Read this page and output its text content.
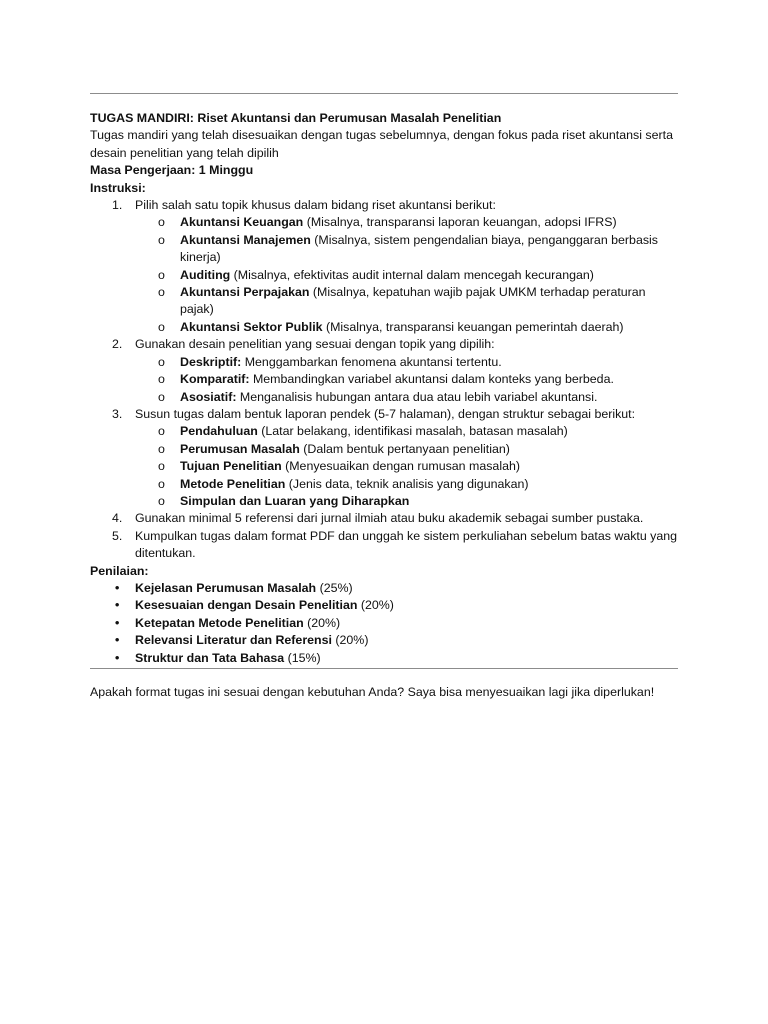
TUGAS MANDIRI: Riset Akuntansi dan Perumusan Masalah Penelitian

Tugas mandiri yang telah disesuaikan dengan tugas sebelumnya, dengan fokus pada riset akuntansi serta desain penelitian yang telah dipilih

Masa Pengerjaan: 1 Minggu

Instruksi:

1. Pilih salah satu topik khusus dalam bidang riset akuntansi berikut:
o Akuntansi Keuangan (Misalnya, transparansi laporan keuangan, adopsi IFRS)
o Akuntansi Manajemen (Misalnya, sistem pengendalian biaya, penganggaran berbasis kinerja)
o Auditing (Misalnya, efektivitas audit internal dalam mencegah kecurangan)
o Akuntansi Perpajakan (Misalnya, kepatuhan wajib pajak UMKM terhadap peraturan pajak)
o Akuntansi Sektor Publik (Misalnya, transparansi keuangan pemerintah daerah)
2. Gunakan desain penelitian yang sesuai dengan topik yang dipilih:
o Deskriptif: Menggambarkan fenomena akuntansi tertentu.
o Komparatif: Membandingkan variabel akuntansi dalam konteks yang berbeda.
o Asosiatif: Menganalisis hubungan antara dua atau lebih variabel akuntansi.
3. Susun tugas dalam bentuk laporan pendek (5-7 halaman), dengan struktur sebagai berikut:
o Pendahuluan (Latar belakang, identifikasi masalah, batasan masalah)
o Perumusan Masalah (Dalam bentuk pertanyaan penelitian)
o Tujuan Penelitian (Menyesuaikan dengan rumusan masalah)
o Metode Penelitian (Jenis data, teknik analisis yang digunakan)
o Simpulan dan Luaran yang Diharapkan
4. Gunakan minimal 5 referensi dari jurnal ilmiah atau buku akademik sebagai sumber pustaka.
5. Kumpulkan tugas dalam format PDF dan unggah ke sistem perkuliahan sebelum batas waktu yang ditentukan.

Penilaian:

• Kejelasan Perumusan Masalah (25%)
• Kesesuaian dengan Desain Penelitian (20%)
• Ketepatan Metode Penelitian (20%)
• Relevansi Literatur dan Referensi (20%)
• Struktur dan Tata Bahasa (15%)

Apakah format tugas ini sesuai dengan kebutuhan Anda? Saya bisa menyesuaikan lagi jika diperlukan!
